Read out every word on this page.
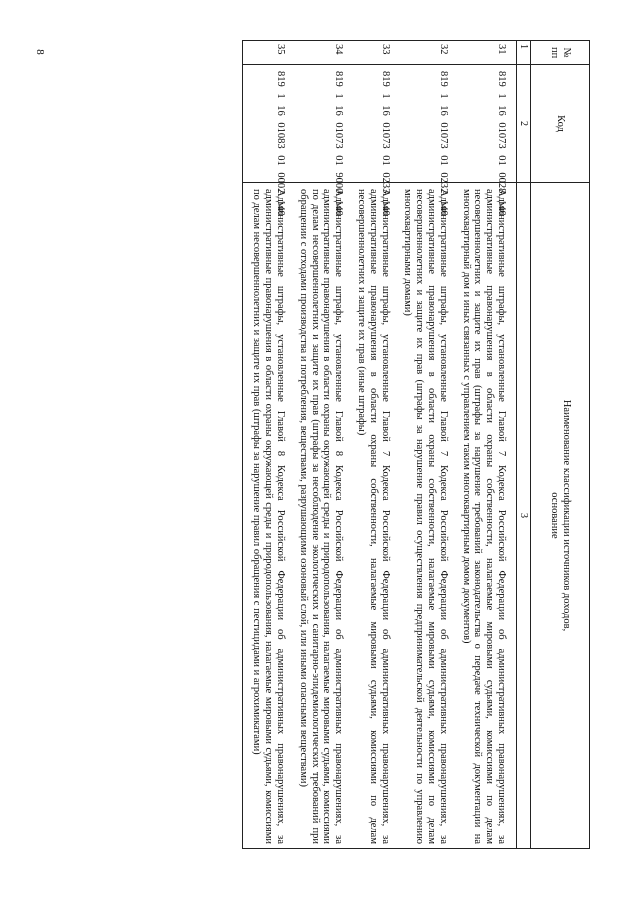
8	№
пп	Код	Наименование классификации источников доходов, основание
1	2	3

31	819 1 16 01073 01 0028 140	Административные штрафы, установленные Главой 7 Кодекса Российской Федерации об административных правонарушениях, за административные правонарушения в области охраны собственности, налагаемые мировыми судьями, комиссиями по делам несовершеннолетних и защите их прав (штрафы за нарушение требований законодательства о передаче технической документации на многоквартирный дом и иных связанных с управлением таким многоквартирным домом документов)
32	819 1 16 01073 01 0232 140	Административные штрафы, установленные Главой 7 Кодекса Российской Федерации об административных правонарушениях, за административные правонарушения в области охраны собственности, налагаемые мировыми судьями, комиссиями по делам несовершеннолетних и защите их прав (штрафы за нарушение правил осуществления предпринимательской деятельности по управлению многоквартирными домами)
33	819 1 16 01073 01 0233 140	Административные штрафы, установленные Главой 7 Кодекса Российской Федерации об административных правонарушениях, за административные правонарушения в области охраны собственности, налагаемые мировыми судьями, комиссиями по делам несовершеннолетних и защите их прав (иные штрафы)
34	819 1 16 01073 01 9000 140	Административные штрафы, установленные Главой 8 Кодекса Российской Федерации об административных правонарушениях, за административные правонарушения в области охраны окружающей среды и природопользования, налагаемые мировыми судьями, комиссиями по делам несовершеннолетних и защите их прав (штрафы за несоблюдение экологических и санитарно-эпидемиологических требований при обращении с отходами производства и потребления, веществами, разрушающими озоновый слой, или иными опасными веществами)
35	819 1 16 01083 01 0002 140	Административные штрафы, установленные Главой 8 Кодекса Российской Федерации об административных правонарушениях, за административные правонарушения в области охраны окружающей среды и природопользования, налагаемые мировыми судьями, комиссиями по делам несовершеннолетних и защите их прав (штрафы за нарушение правил обращения с пестицидами и агрохимикатами)
